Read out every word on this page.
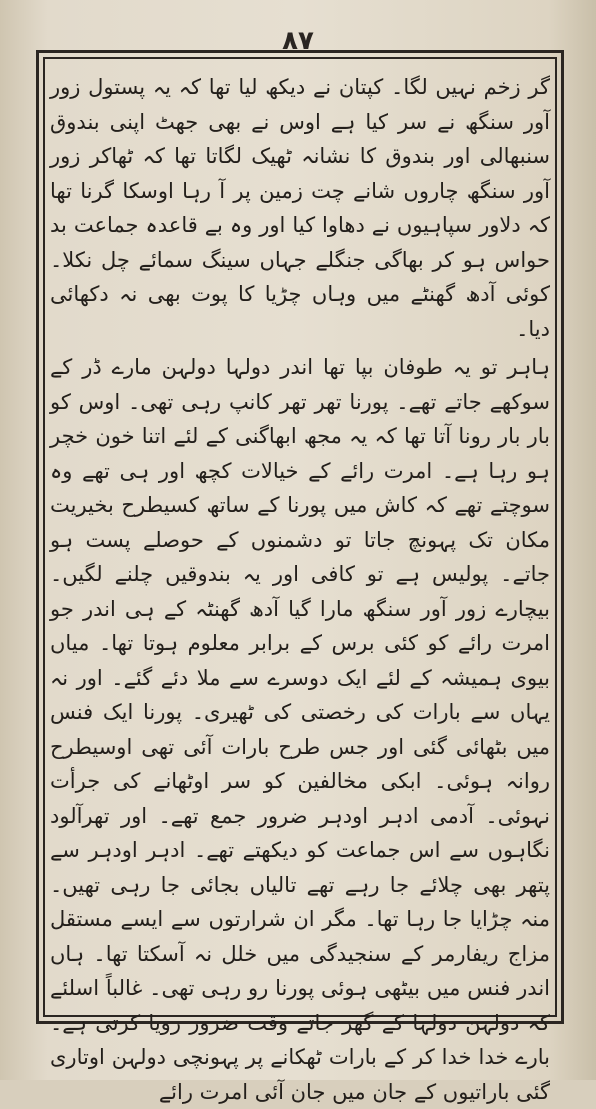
۸۷

گر زخم نہیں لگا۔ کپتان نے دیکھ لیا تھا کہ یہ پستول زور آور سنگھ نے سر کیا ہے اوس نے بھی جھٹ اپنی بندوق سنبھالی اور بندوق کا نشانہ ٹھیک لگاتا تھا کہ ٹھاکر زور آور سنگھ چاروں شانے چت زمین پر آ رہا اوسکا گرنا تھا کہ دلاور سپاہیوں نے دھاوا کیا اور وہ بے قاعدہ جماعت بد حواس ہو کر بھاگی جنگلے جہاں سینگ سمائے چل نکلا۔ کوئی آدھ گھنٹے میں وہاں چڑیا کا پوت بھی نہ دکھائی دیا۔

ہاہر تو یہ طوفان بپا تھا اندر دولہا دولہن مارے ڈر کے سوکھے جاتے تھے۔ پورنا تھر تھر کانپ رہی تھی۔ اوس کو بار بار رونا آتا تھا کہ یہ مجھ ابھاگنی کے لئے اتنا خون خچر ہو رہا ہے۔ امرت رائے کے خیالات کچھ اور ہی تھے وہ سوچتے تھے کہ کاش میں پورنا کے ساتھ کسیطرح بخیریت مکان تک پہونچ جاتا تو دشمنوں کے حوصلے پست ہو جاتے۔ پولیس ہے تو کافی اور یہ بندوقیں چلنے لگیں۔ بیچارے زور آور سنگھ مارا گیا آدھ گھنٹہ کے ہی اندر جو امرت رائے کو کئی برس کے برابر معلوم ہوتا تھا۔ میاں بیوی ہمیشہ کے لئے ایک دوسرے سے ملا دئے گئے۔ اور نہ یہاں سے بارات کی رخصتی کی ٹھیری۔ پورنا ایک فنس میں بٹھائی گئی اور جس طرح بارات آئی تھی اوسیطرح روانہ ہوئی۔ ابکی مخالفین کو سر اوٹھانے کی جرأت نہوئی۔ آدمی ادہر اودہر ضرور جمع تھے۔ اور تھرآلود نگاہوں سے اس جماعت کو دیکھتے تھے۔ ادہر اودہر سے پتھر بھی چلائے جا رہے تھے تالیاں بجائی جا رہی تھیں۔ منہ چڑایا جا رہا تھا۔ مگر ان شرارتوں سے ایسے مستقل مزاج ریفارمر کے سنجیدگی میں خلل نہ آسکتا تھا۔ ہاں اندر فنس میں بیٹھی ہوئی پورنا رو رہی تھی۔ غالباً اسلئے کہ دولہن دولہا کے گھر جاتے وقت ضرور رویا کرتی ہے۔ بارے خدا خدا کر کے بارات ٹھکانے پر پہونچی دولہن اوتاری گئی باراتیوں کے جان میں جان آئی امرت رائے
